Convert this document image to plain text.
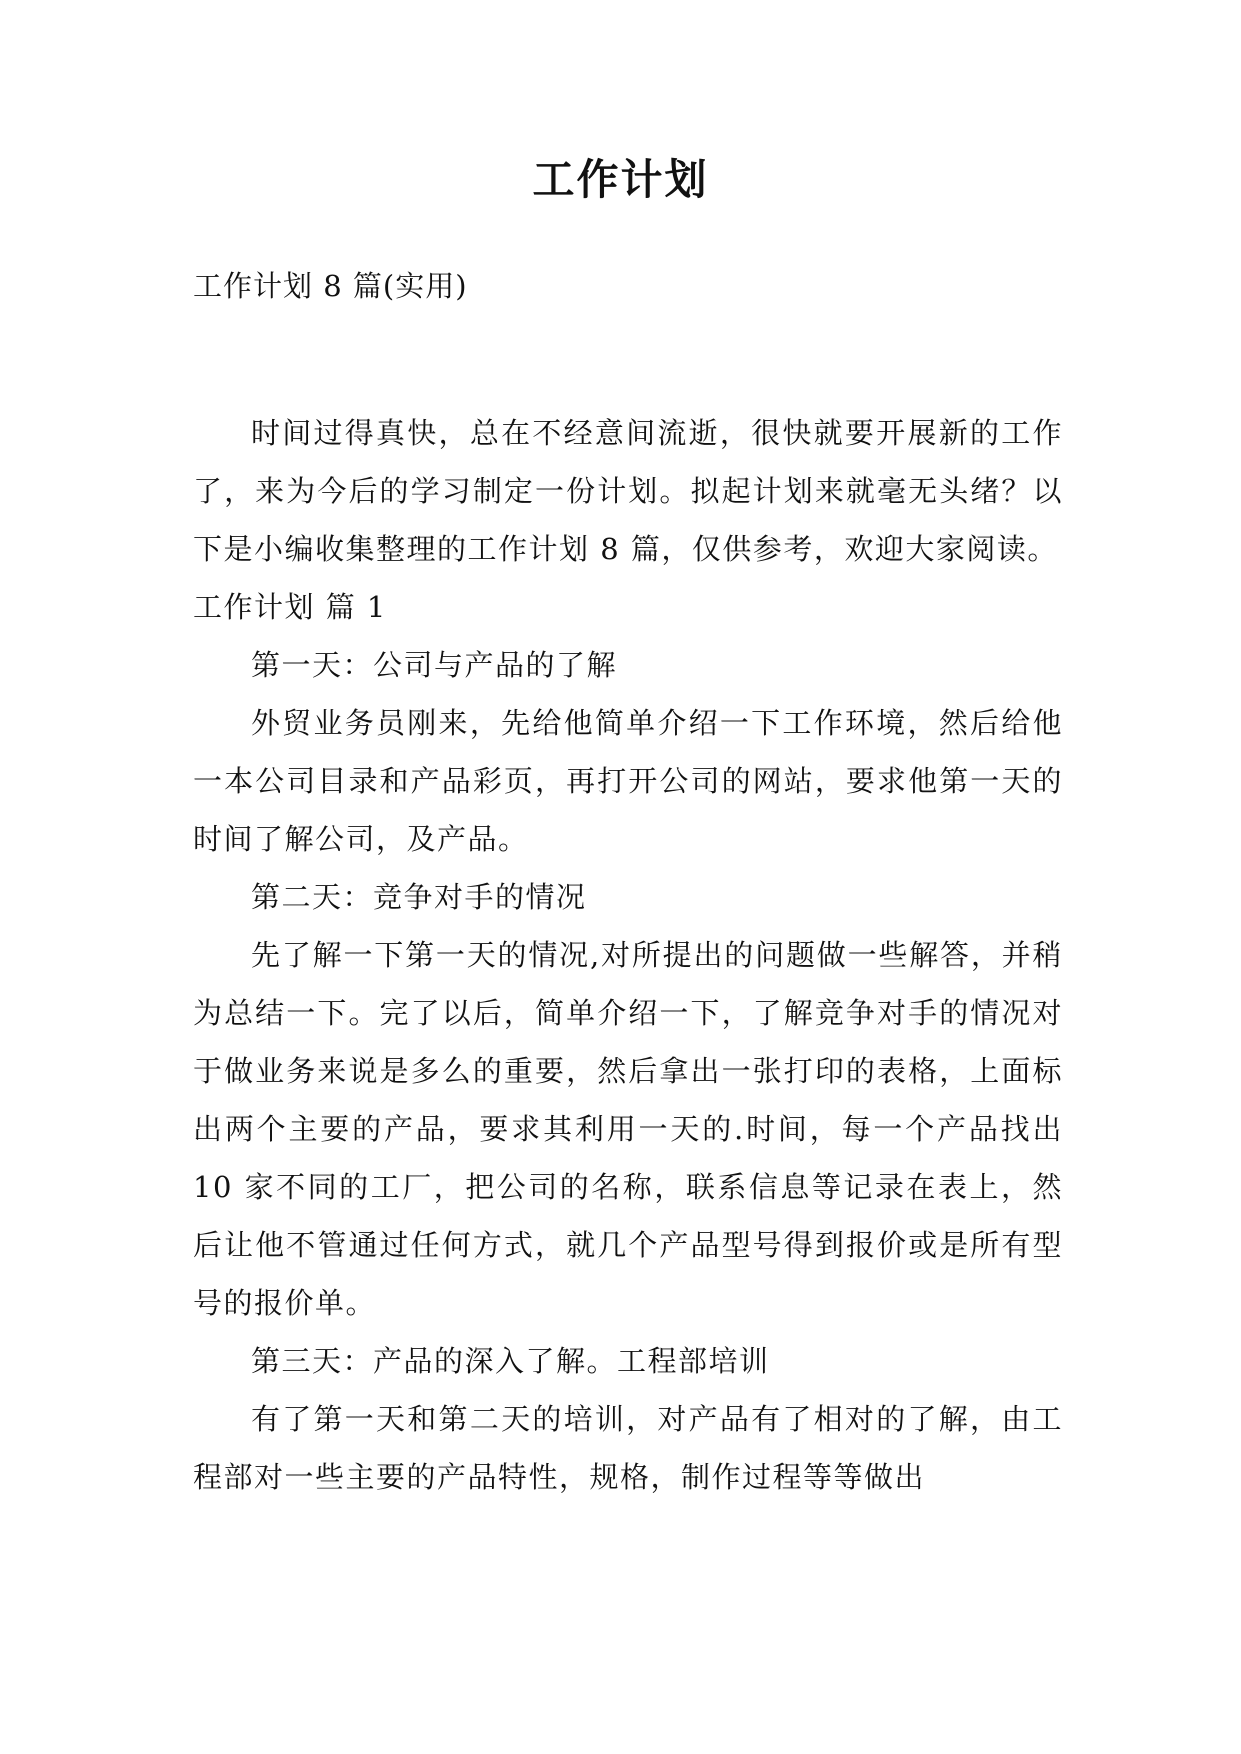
工作计划

工作计划 8 篇(实用)

时间过得真快，总在不经意间流逝，很快就要开展新的工作了，来为今后的学习制定一份计划。拟起计划来就毫无头绪？以下是小编收集整理的工作计划 8 篇，仅供参考，欢迎大家阅读。

工作计划 篇 1

第一天：公司与产品的了解

外贸业务员刚来，先给他简单介绍一下工作环境，然后给他一本公司目录和产品彩页，再打开公司的网站，要求他第一天的时间了解公司，及产品。

第二天：竞争对手的情况

先了解一下第一天的情况,对所提出的问题做一些解答，并稍为总结一下。完了以后，简单介绍一下，了解竞争对手的情况对于做业务来说是多么的重要，然后拿出一张打印的表格，上面标出两个主要的产品，要求其利用一天的.时间，每一个产品找出 10 家不同的工厂，把公司的名称，联系信息等记录在表上，然后让他不管通过任何方式，就几个产品型号得到报价或是所有型号的报价单。

第三天：产品的深入了解。工程部培训

有了第一天和第二天的培训，对产品有了相对的了解，由工程部对一些主要的产品特性，规格，制作过程等等做出
